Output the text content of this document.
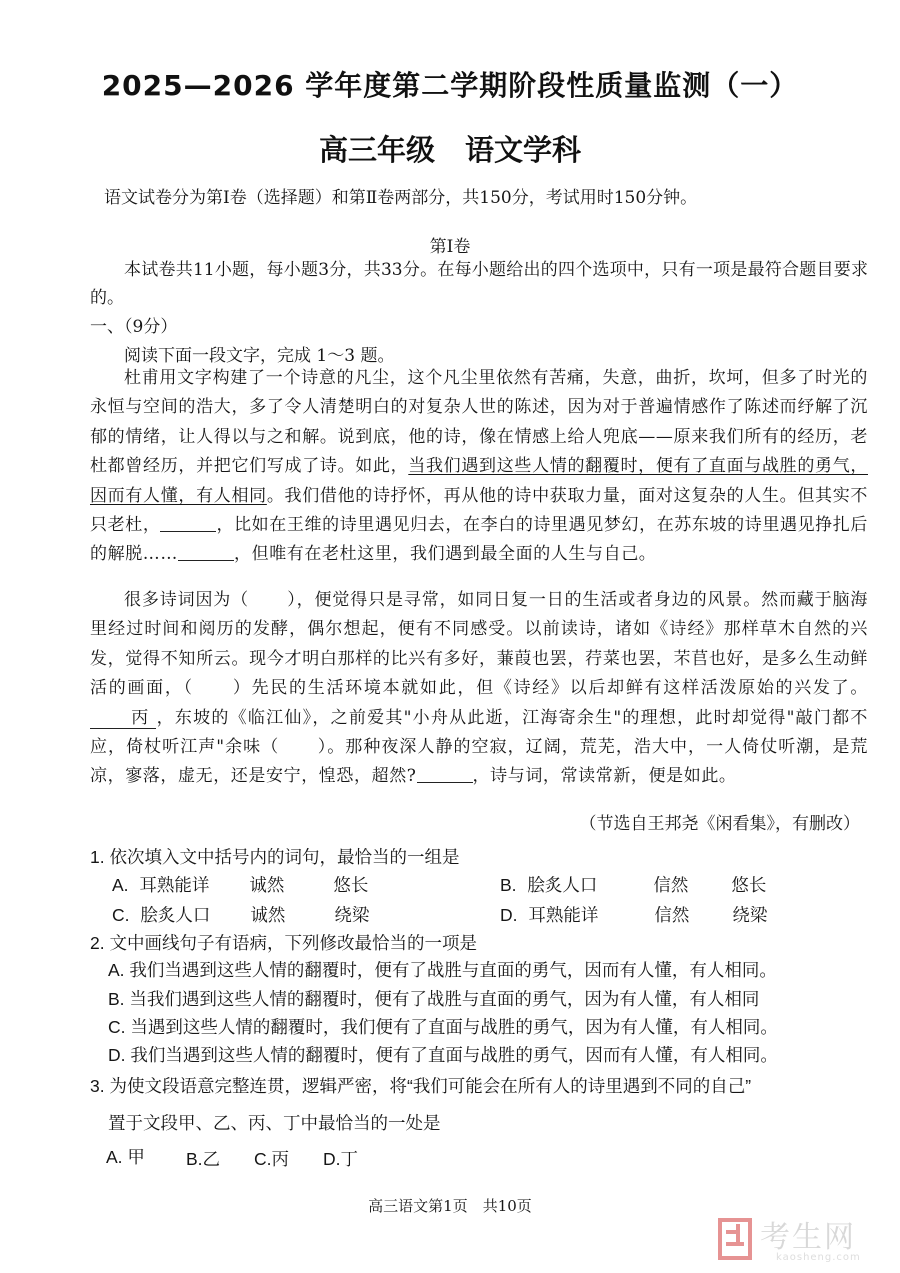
2025—2026 学年度第二学期阶段性质量监测（一）
高三年级 语文学科
语文试卷分为第Ⅰ卷（选择题）和第Ⅱ卷两部分，共150分，考试用时150分钟。
第Ⅰ卷
本试卷共11小题，每小题3分，共33分。在每小题给出的四个选项中，只有一项是最符合题目要求的。
一、（9分）
阅读下面一段文字，完成 1～3 题。
杜甫用文字构建了一个诗意的凡尘，这个凡尘里依然有苦痛，失意，曲折，坎坷，但多了时光的永恒与空间的浩大，多了令人清楚明白的对复杂人世的陈述，因为对于普遍情感作了陈述而纾解了沉郁的情绪，让人得以与之和解。说到底，他的诗，像在情感上给人兜底——原来我们所有的经历，老杜都曾经历，并把它们写成了诗。如此，当我们遇到这些人情的翻覆时，便有了直面与战胜的勇气，因而有人懂，有人相同。我们借他的诗抒怀，再从他的诗中获取力量，面对这复杂的人生。但其实不只老杜，	，比如在王维的诗里遇见归去，在李白的诗里遇见梦幻，在苏东坡的诗里遇见挣扎后的解脱……	，但唯有在老杜这里，我们遇到最全面的人生与自己。
很多诗词因为（ ），便觉得只是寻常，如同日复一日的生活或者身边的风景。然而藏于脑海里经过时间和阅历的发酵，偶尔想起，便有不同感受。以前读诗，诸如《诗经》那样草木自然的兴发，觉得不知所云。现今才明白那样的比兴有多好，蒹葭也罢，荇菜也罢，芣苢也好，是多么生动鲜活的画面，（ ）先民的生活环境本就如此，但《诗经》以后却鲜有这样活泼原始的兴发了。丙 ，东坡的《临江仙》，之前爱其"小舟从此逝，江海寄余生"的理想，此时却觉得"敲门都不应，倚杖听江声"余味（ ）。那种夜深人静的空寂，辽阔，荒芜，浩大中，一人倚仗听潮，是荒凉，寥落，虚无，还是安宁，惶恐，超然?	，诗与词，常读常新，便是如此。
（节选自王邦尧《闲看集》，有删改）
1. 依次填入文中括号内的词句，最恰当的一组是
A. 耳熟能详 诚然	悠长	B. 脍炙人口	信然 悠长
C. 脍炙人口 诚然	绕梁	D. 耳熟能详	信然 绕梁
2. 文中画线句子有语病，下列修改最恰当的一项是
A. 我们当遇到这些人情的翻覆时，便有了战胜与直面的勇气，因而有人懂，有人相同。
B. 当我们遇到这些人情的翻覆时，便有了战胜与直面的勇气，因为有人懂，有人相同
C. 当遇到这些人情的翻覆时，我们便有了直面与战胜的勇气，因为有人懂，有人相同。
D. 我们当遇到这些人情的翻覆时，便有了直面与战胜的勇气，因而有人懂，有人相同。
3. 为使文段语意完整连贯，逻辑严密，将“我们可能会在所有人的诗里遇到不同的自己”
置于文段甲、乙、丙、丁中最恰当的一处是
A. 甲 B.乙 C.丙 D.丁
高三语文第1页　共10页
考生网
kaosheng.com
